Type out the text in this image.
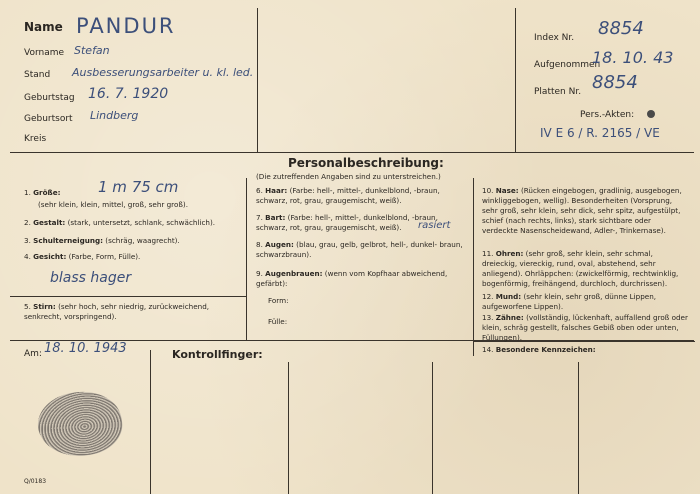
Name PANDUR
Vorname Stefan
Stand Ausbesserungsarbeiter u. kl. led.
Geburtstag 16. 7. 1920
Geburtsort Lindberg
Kreis
Index Nr. 8854
Aufgenommen
18. 10. 43
Platten Nr. 8854
Pers.-Akten:
IV E 6 / R. 2165 / VE
Personalbeschreibung:
(Die zutreffenden Angaben sind zu unterstreichen.)
1. Größe:	1 m 75 cm
(sehr klein, klein, mittel, groß, sehr groß).
2. Gestalt: (stark, untersetzt, schlank, schwächlich).
3. Schulterneigung: (schräg, waagrecht).
4. Gesicht: (Farbe, Form, Fülle).
blass hager
5. Stirn: (sehr hoch, sehr niedrig, zurückweichend, senkrecht, vorspringend).
6. Haar: (Farbe: hell-, mittel-, dunkelblond, -braun, schwarz, rot, grau, graugemischt, weiß).
7. Bart: (Farbe: hell-, mittel-, dunkelblond, -braun, schwarz, rot, grau, graugemischt, weiß).	rasiert
8. Augen: (blau, grau, gelb, gelbrot, hell-, dunkel- braun, schwarzbraun).
9. Augenbrauen: (wenn vom Kopfhaar abweichend, gefärbt):
Form:
Fülle:
10. Nase: (Rücken eingebogen, gradlinig, ausgebogen, winkliggebogen, wellig). Besonderheiten (Vorsprung, sehr groß, sehr klein, sehr dick, sehr spitz, aufgestülpt, schief (nach rechts, links), stark sichtbare oder verdeckte Nasenscheidewand, Adler-, Trinkernase).
11. Ohren: (sehr groß, sehr klein, sehr schmal, dreieckig, viereckig, rund, oval, abstehend, sehr anliegend). Ohrläppchen: (zwickelförmig, rechtwinklig, bogenförmig, freihängend, durchloch, durchrissen).
12. Mund: (sehr klein, sehr groß, dünne Lippen, aufgeworfene Lippen).
13. Zähne: (vollständig, lückenhaft, auffallend groß oder klein, schräg gestellt, falsches Gebiß oben oder unten, Füllungen).
14. Besondere Kennzeichen:
Am: 18. 10. 1943	Kontrollfinger:
Q/0183
